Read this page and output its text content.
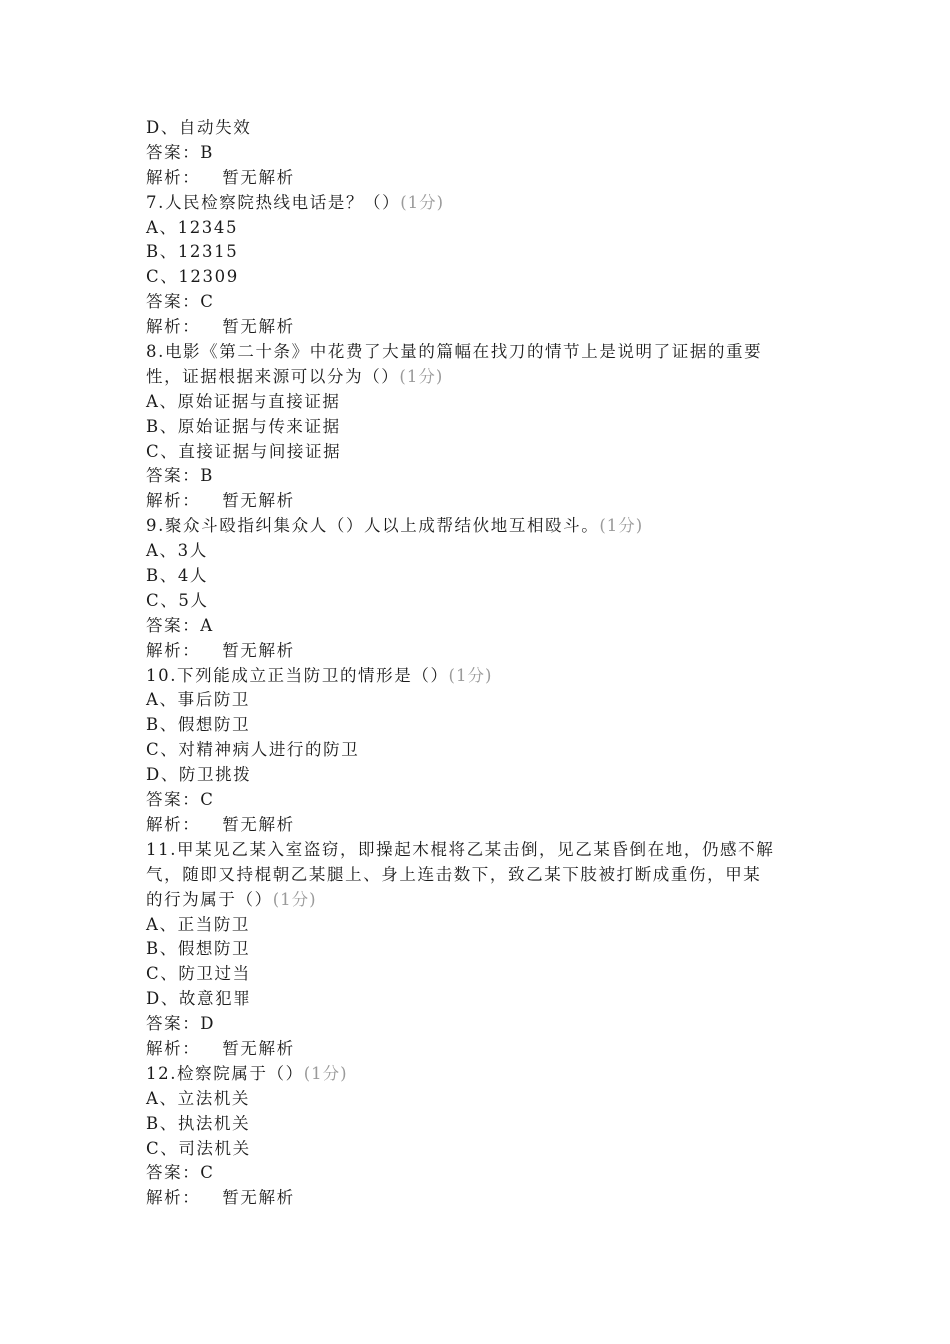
D、自动失效
答案：B
解析： 暂无解析
7.人民检察院热线电话是？（）(1分)
A、12345
B、12315
C、12309
答案：C
解析： 暂无解析
8.电影《第二十条》中花费了大量的篇幅在找刀的情节上是说明了证据的重要
性，证据根据来源可以分为（）(1分)
A、原始证据与直接证据
B、原始证据与传来证据
C、直接证据与间接证据
答案：B
解析： 暂无解析
9.聚众斗殴指纠集众人（）人以上成帮结伙地互相殴斗。(1分)
A、3人
B、4人
C、5人
答案：A
解析： 暂无解析
10.下列能成立正当防卫的情形是（）(1分)
A、事后防卫
B、假想防卫
C、对精神病人进行的防卫
D、防卫挑拨
答案：C
解析： 暂无解析
11.甲某见乙某入室盗窃，即操起木棍将乙某击倒，见乙某昏倒在地，仍感不解
气，随即又持棍朝乙某腿上、身上连击数下，致乙某下肢被打断成重伤，甲某
的行为属于（）(1分)
A、正当防卫
B、假想防卫
C、防卫过当
D、故意犯罪
答案：D
解析： 暂无解析
12.检察院属于（）(1分)
A、立法机关
B、执法机关
C、司法机关
答案：C
解析： 暂无解析
